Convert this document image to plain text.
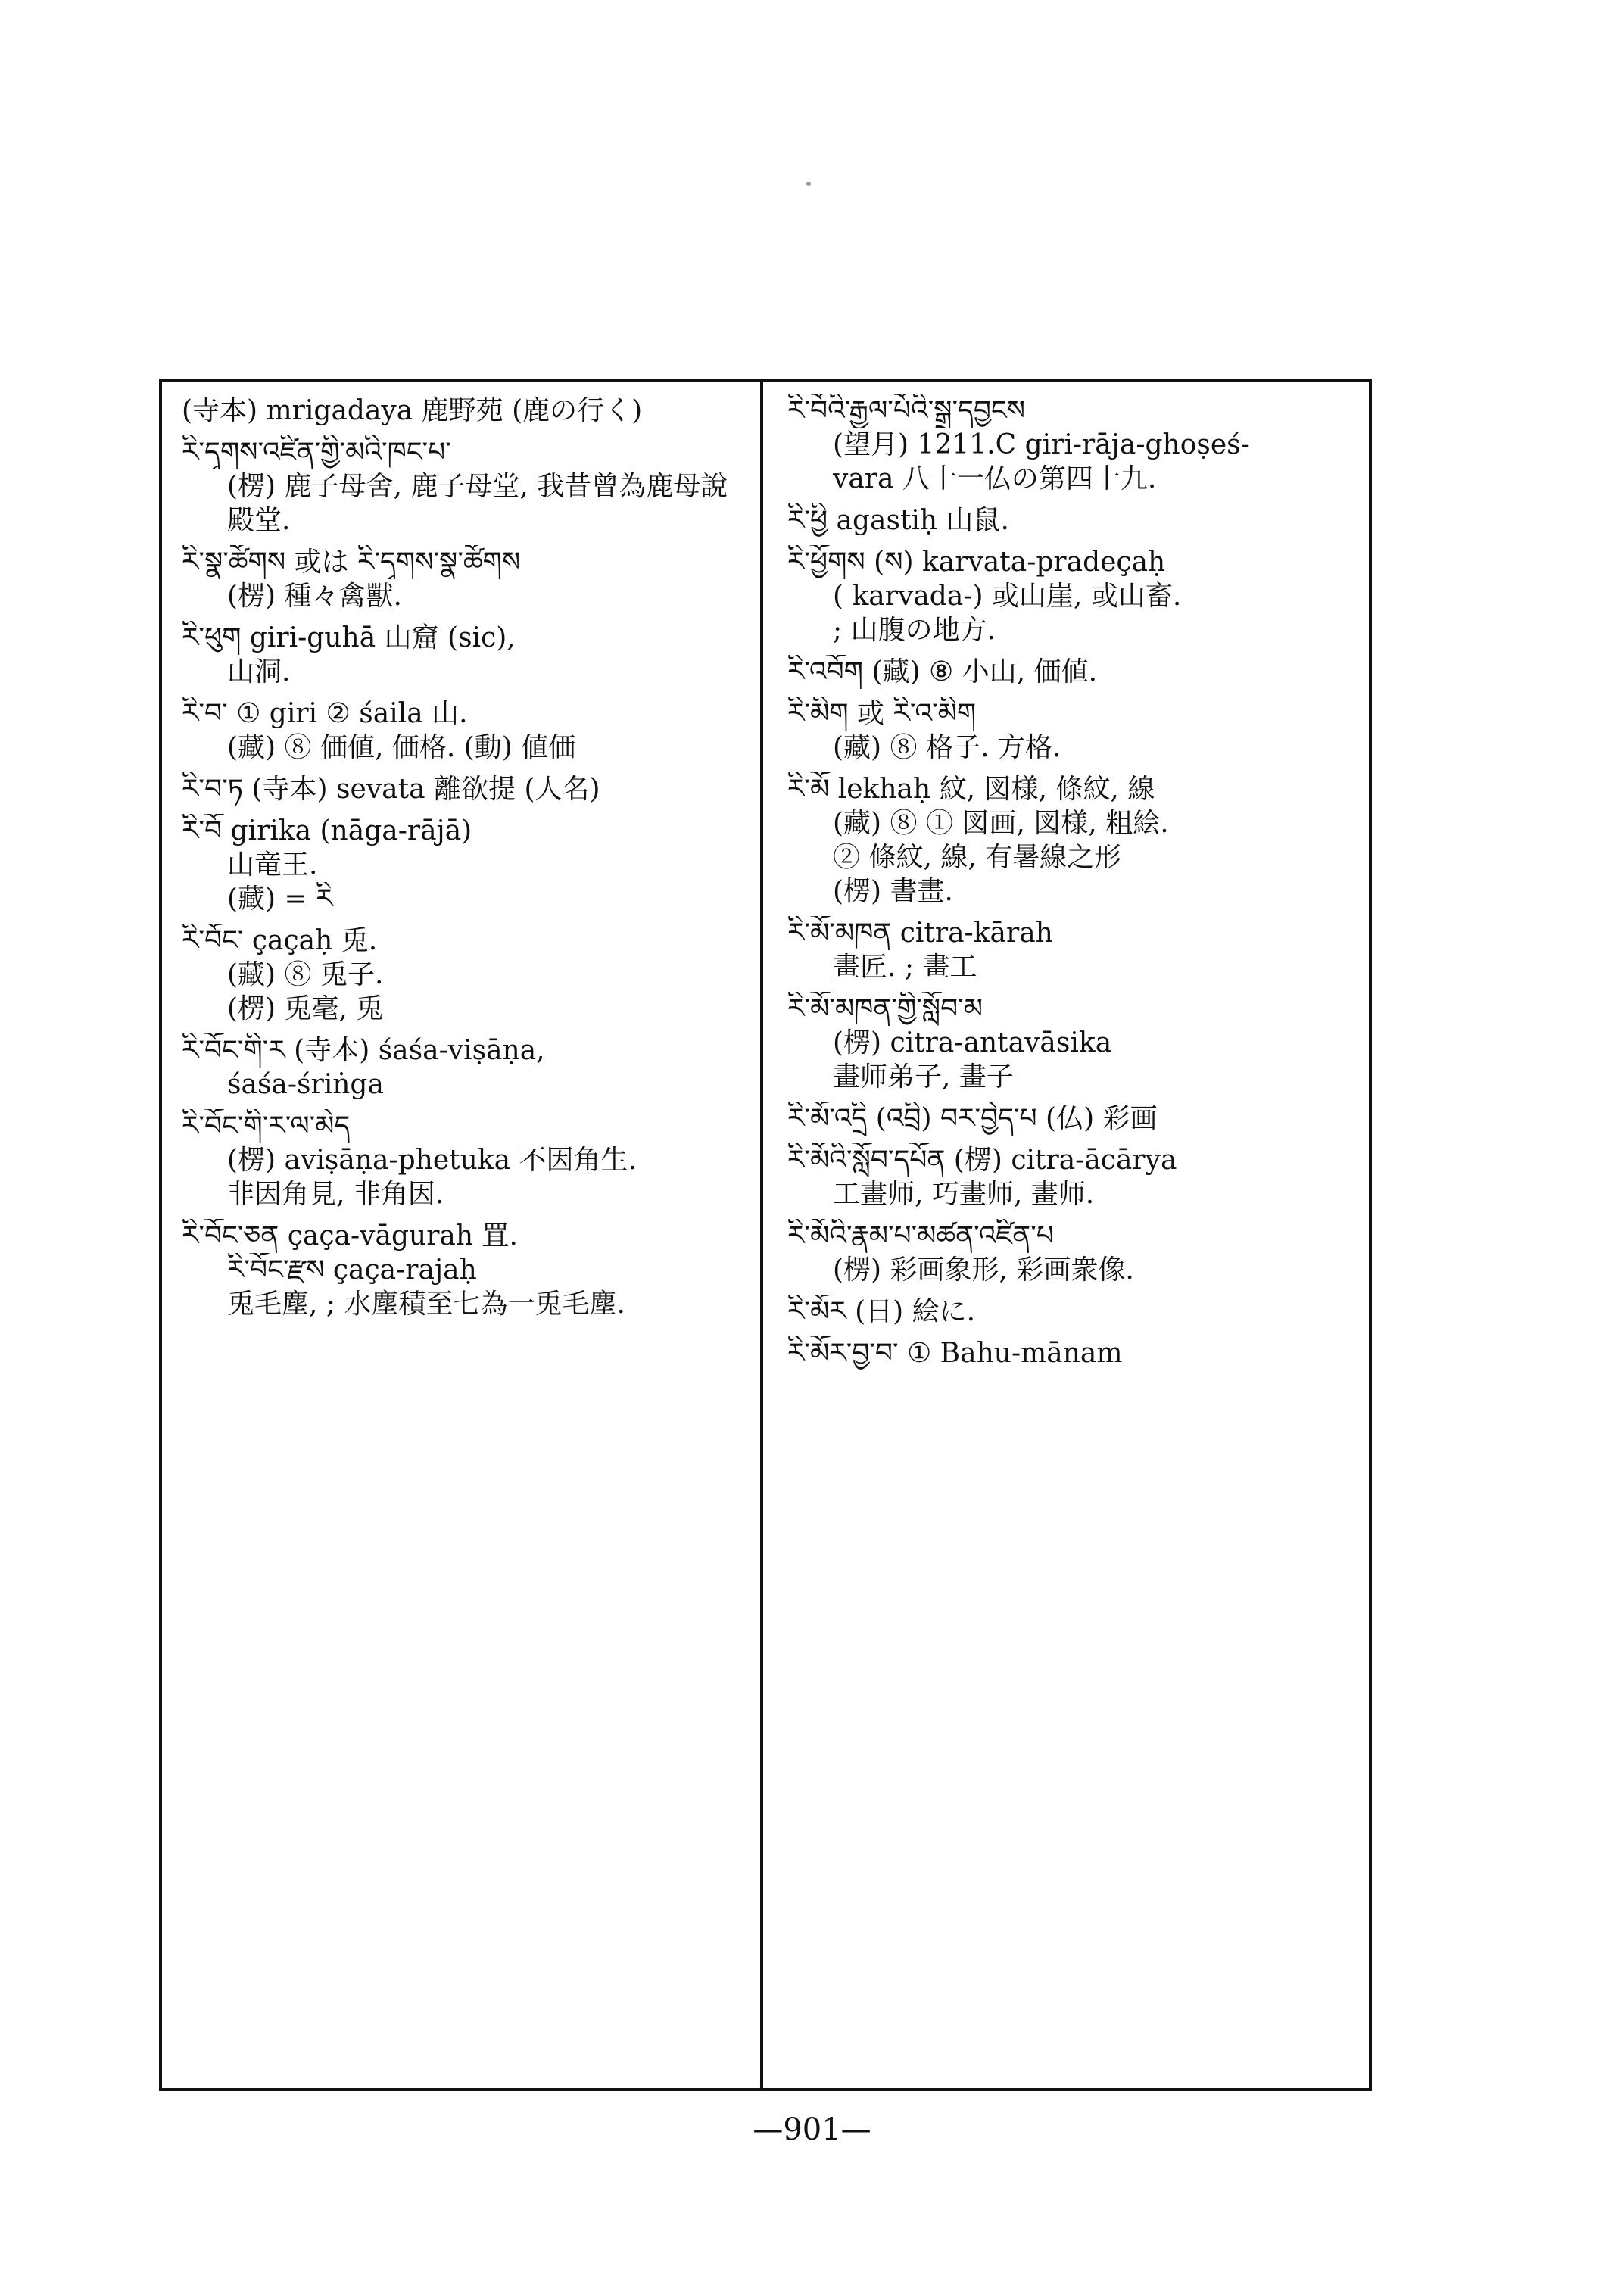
(寺本) mrigadaya 鹿野苑 (鹿の行く)
ཪི་དྭགས་འཛིན་གྱི་མའི་ཁང་པ་
(楞) 鹿子母舍, 鹿子母堂, 我昔曾為鹿母說
殿堂.
ཪི་སྣ་ཚོགས 或は ཪི་དྭགས་སྣ་ཚོགས
(楞) 種々禽獸.
ཪི་ཕུག giri-guhā 山窟 (sic),
山洞.
ཪི་བ་ ① giri ② śaila 山.
(藏) ⑧ 価値, 価格. (動) 値価
ཪི་བ་ཏ (寺本) sevata 離欲提 (人名)
ཪི་བོ girika (nāga-rājā)
山竜王.
(藏) = ཪི
ཪི་བོང་ çaçaḥ 兎.
(藏) ⑧ 兎子.
(楞) 兎毫, 兎
ཪི་བོང་གི་ར (寺本) śaśa-viṣāṇa,
śaśa-śriṅga
ཪི་བོང་གི་ར་ལ་མེད
(楞) aviṣāṇa-phetuka 不因角生.
非因角見, 非角因.
ཪི་བོང་ཅན çaça-vāgurah 罝.
ཪི་བོང་རྫས çaça-rajaḥ
兎毛塵, ; 水塵積至七為一兎毛塵.
ཪི་བོའི་རྒྱལ་པོའི་སྒྲ་དབྱངས
(望月) 1211.C giri-rāja-ghoṣeś-
vara 八十一仏の第四十九.
ཪི་ཕྱི agastiḥ 山鼠.
ཪི་ཕྱོགས (ས) karvata-pradeçaḥ
( karvada-) 或山崖, 或山畜.
; 山腹の地方.
ཪི་འབོག (藏) ⑧ 小山, 価値.
ཪི་མིག 或 ཪི་འ་མིག
(藏) ⑧ 格子. 方格.
ཪི་མོ lekhaḥ 紋, 図様, 條紋, 線
(藏) ⑧ ① 図画, 図様, 粗絵.
② 條紋, 線, 有暑線之形
(楞) 書畫.
ཪི་མོ་མཁན citra-kārah
畫匠. ; 畫工
ཪི་མོ་མཁན་གྱི་སློབ་མ
(楞) citra-antavāsika
畫师弟子, 畫子
ཪི་མོ་འདྲི (འབྲི) བར་བྱེད་པ (仏) 彩画
ཪི་མོའི་སློབ་དཔོན (楞) citra-ācārya
工畫师, 巧畫师, 畫师.
ཪི་མོའི་རྣམ་པ་མཚན་འཛིན་པ
(楞) 彩画象形, 彩画衆像.
ཪི་མོར (日) 絵に.
ཪི་མོར་བྱ་བ་ ① Bahu-mānam
—901—
